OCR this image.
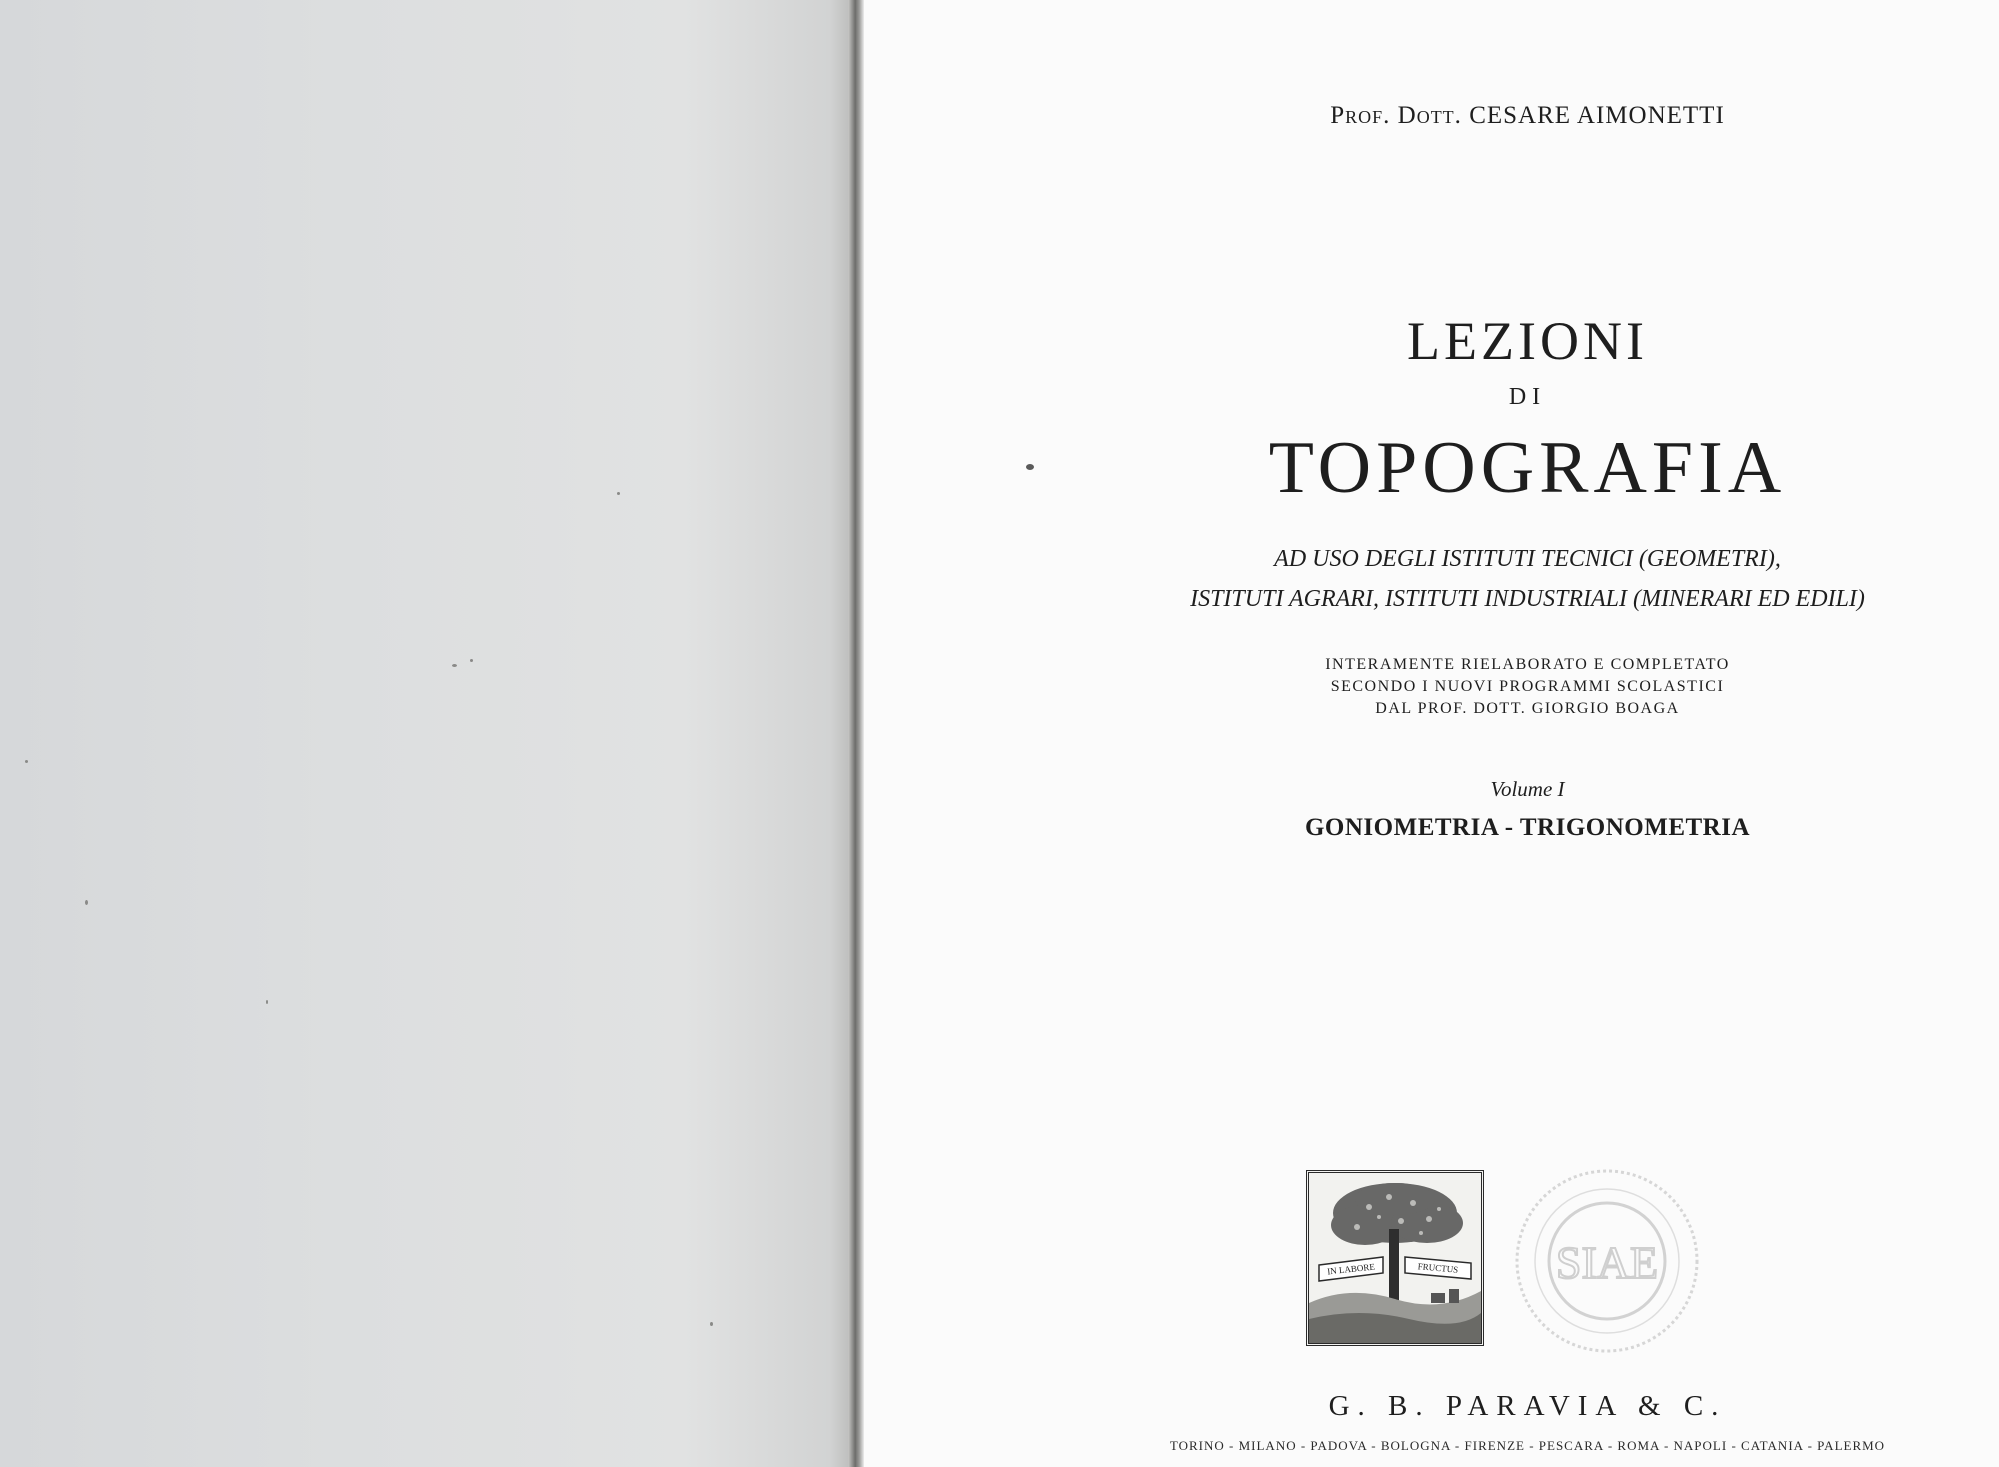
Prof. Dott. CESARE AIMONETTI
LEZIONI
DI
TOPOGRAFIA
AD USO DEGLI ISTITUTI TECNICI (GEOMETRI),
ISTITUTI AGRARI, ISTITUTI INDUSTRIALI (MINERARI ED EDILI)
INTERAMENTE RIELABORATO E COMPLETATO
SECONDO I NUOVI PROGRAMMI SCOLASTICI
DAL PROF. DOTT. GIORGIO BOAGA
Volume I
GONIOMETRIA - TRIGONOMETRIA
IN LABORE	FRUCTUS SIAE
G. B. PARAVIA & C.
TORINO - MILANO - PADOVA - BOLOGNA - FIRENZE - PESCARA - ROMA - NAPOLI - CATANIA - PALERMO
